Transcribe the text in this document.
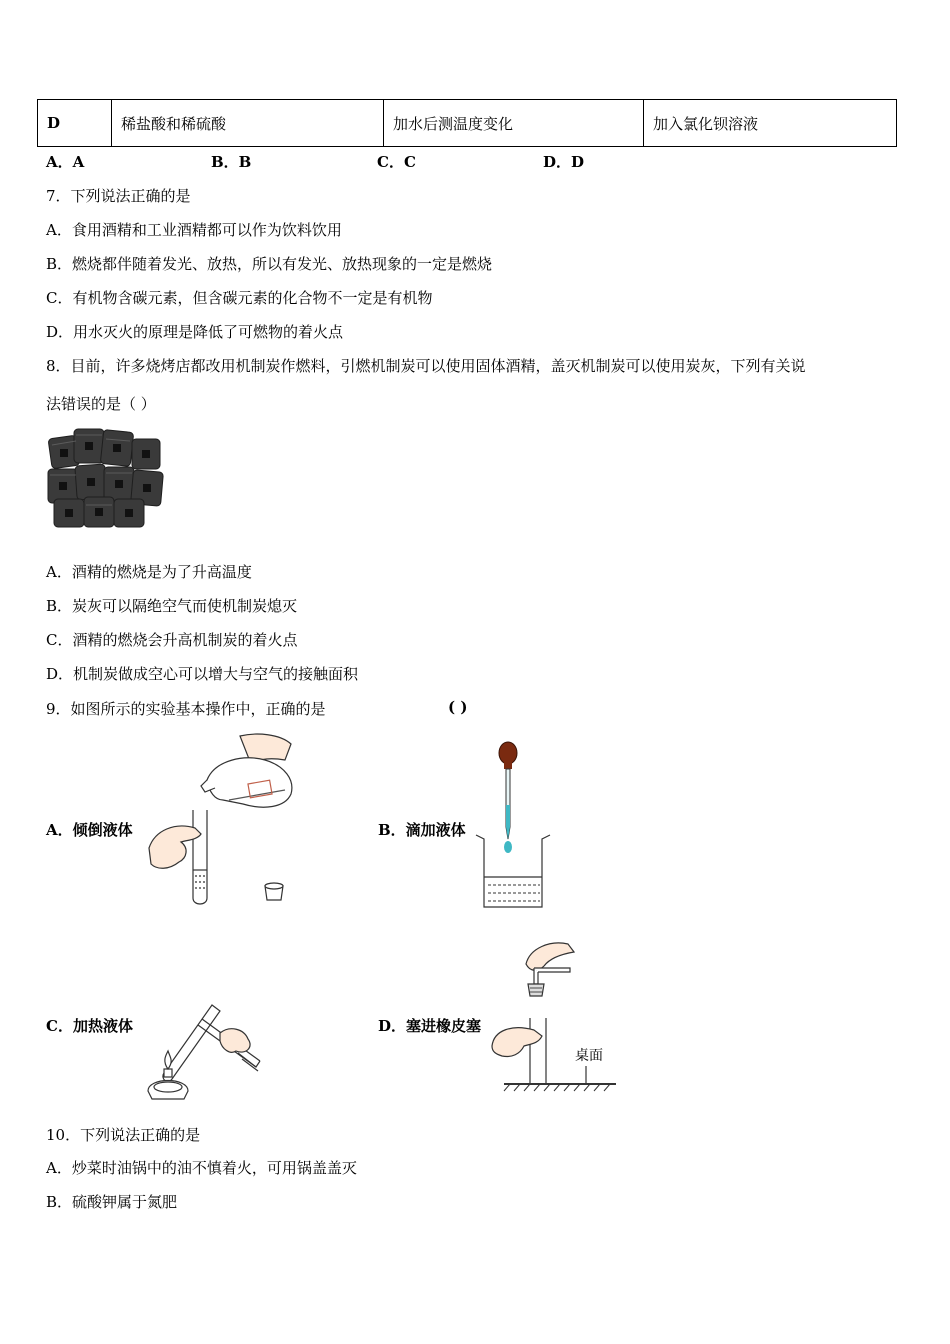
D	稀盐酸和稀硫酸	加水后测温度变化	加入氯化钡溶液
A．A	B．B	C．C	D．D
7．下列说法正确的是
A．食用酒精和工业酒精都可以作为饮料饮用
B．燃烧都伴随着发光、放热，所以有发光、放热现象的一定是燃烧
C．有机物含碳元素，但含碳元素的化合物不一定是有机物
D．用水灭火的原理是降低了可燃物的着火点
8．目前，许多烧烤店都改用机制炭作燃料，引燃机制炭可以使用固体酒精，盖灭机制炭可以使用炭灰，下列有关说
法错误的是（ ）
A．酒精的燃烧是为了升高温度
B．炭灰可以隔绝空气而使机制炭熄灭
C．酒精的燃烧会升高机制炭的着火点
D．机制炭做成空心可以增大与空气的接触面积
9．如图所示的实验基本操作中，正确的是	( )
A．倾倒液体	B．滴加液体
C．加热液体	D．塞进橡皮塞
桌面
10．下列说法正确的是
A．炒菜时油锅中的油不慎着火，可用锅盖盖灭
B．硫酸钾属于氮肥
